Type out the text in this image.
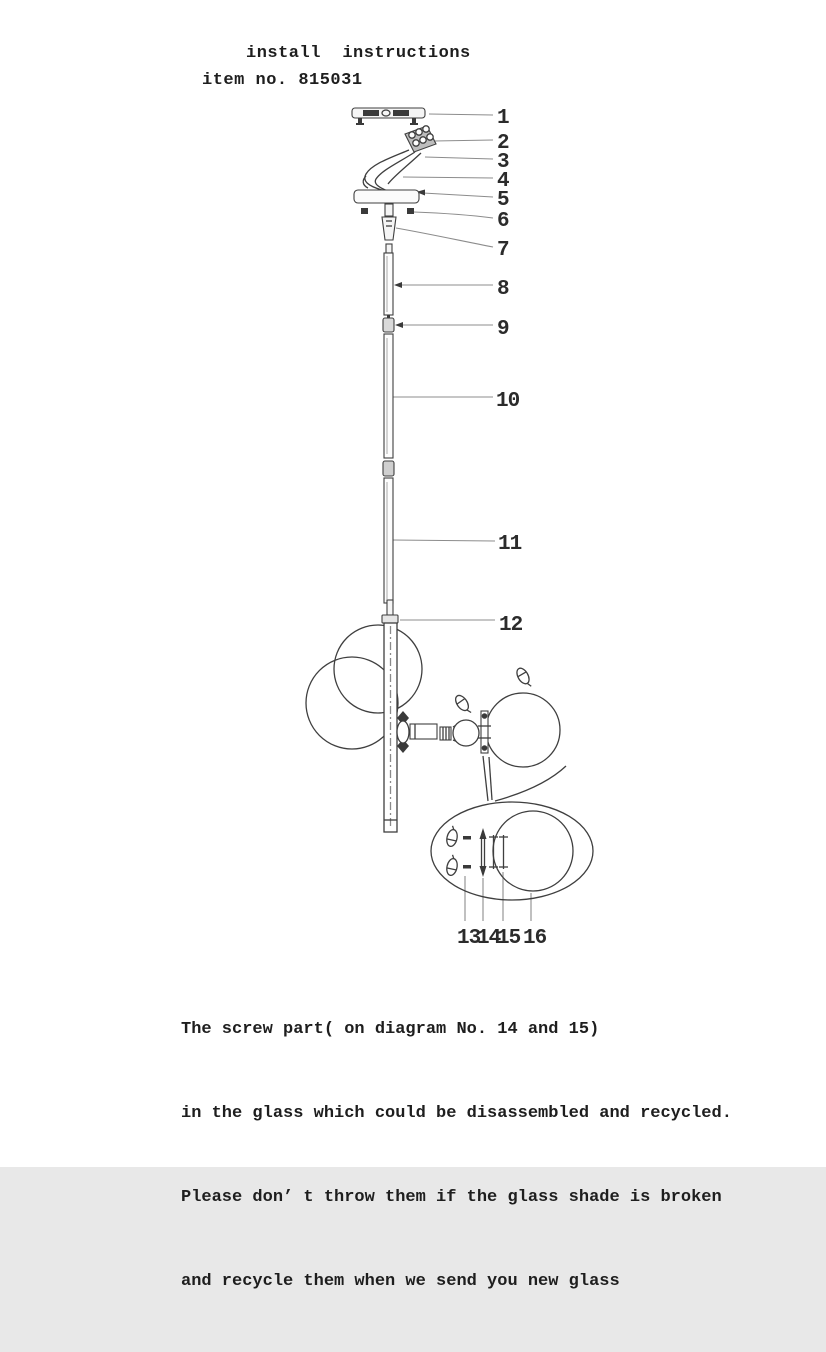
install  instructions
item no. 815031
1
2
3
4
5
6
7
8
9
10
11
12
13
14
15 16

The screw part( on diagram No. 14 and 15)

in the glass which could be disassembled and recycled.

Please don’ t throw them if the glass shade is broken

and recycle them when we send you new glass
